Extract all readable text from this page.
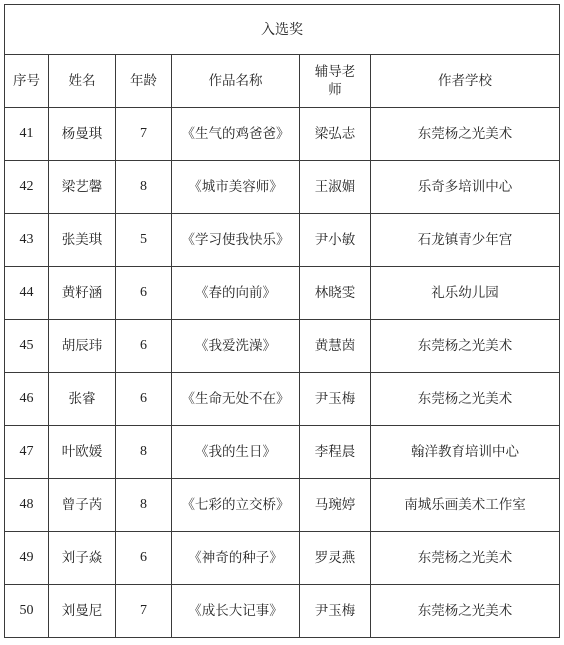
入选奖					
序号	姓名	年龄	作品名称	辅导老师	作者学校
41	杨曼琪	7	《生气的鸡爸爸》	梁弘志	东莞杨之光美术
42	梁艺馨	8	《城市美容师》	王淑媚	乐奇多培训中心
43	张美琪	5	《学习使我快乐》	尹小敏	石龙镇青少年宫
44	黄籽涵	6	《春的向前》	林晓雯	礼乐幼儿园
45	胡辰玮	6	《我爱洗澡》	黄慧茵	东莞杨之光美术
46	张睿	6	《生命无处不在》	尹玉梅	东莞杨之光美术
47	叶欧媛	8	《我的生日》	李程晨	翰洋教育培训中心
48	曾子芮	8	《七彩的立交桥》	马琬婷	南城乐画美术工作室
49	刘子焱	6	《神奇的种子》	罗灵燕	东莞杨之光美术
50	刘曼尼	7	《成长大记事》	尹玉梅	东莞杨之光美术
